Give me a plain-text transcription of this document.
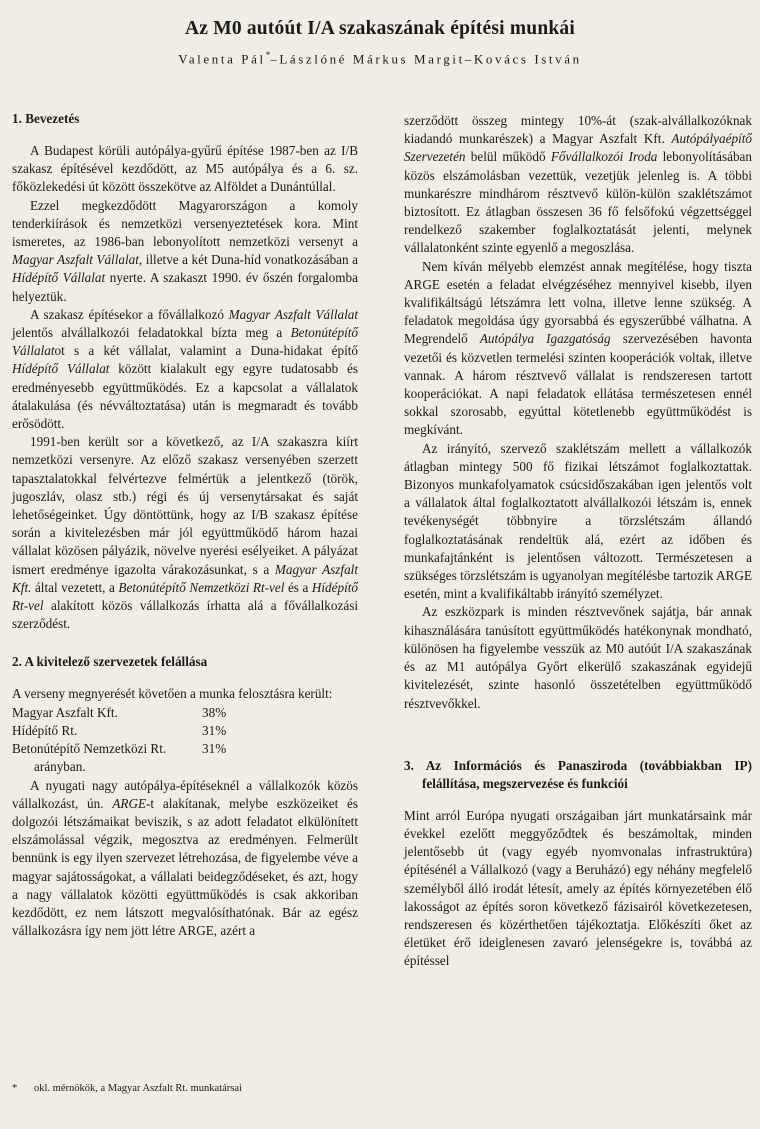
Az M0 autóút I/A szakaszának építési munkái
Valenta Pál*–Lászlóné Márkus Margit–Kovács István
1. Bevezetés

A Budapest körüli autópálya-gyűrű építése 1987-ben az I/B szakasz építésével kezdődött, az M5 autópálya és a 6. sz. főközlekedési út között összekötve az Alföldet a Dunántúllal.

Ezzel megkezdődött Magyarországon a komoly tenderkiírások és nemzetközi versenyeztetések kora. Mint ismeretes, az 1986-ban lebonyolított nemzetközi versenyt a Magyar Aszfalt Vállalat, illetve a két Duna-híd vonatkozásában a Hídépítő Vállalat nyerte. A szakaszt 1990. év őszén forgalomba helyeztük.

A szakasz építésekor a fővállalkozó Magyar Aszfalt Vállalat jelentős alvállalkozói feladatokkal bízta meg a Betonútépítő Vállalatot s a két vállalat, valamint a Duna-hidakat építő Hídépítő Vállalat között kialakult egy egyre tudatosabb és eredményesebb együttműködés. Ez a kapcsolat a vállalatok átalakulása (és névváltoztatása) után is megmaradt és tovább erősödött.

1991-ben került sor a következő, az I/A szakaszra kiírt nemzetközi versenyre. Az előző szakasz versenyében szerzett tapasztalatokkal felvértezve felmértük a jelentkező (török, jugoszláv, olasz stb.) régi és új versenytársakat és saját lehetőségeinket. Úgy döntöttünk, hogy az I/B szakasz építése során a kivitelezésben már jól együttműködő három hazai vállalat közösen pályázik, növelve nyerési esélyeiket. A pályázat ismert eredménye igazolta várakozásunkat, s a Magyar Aszfalt Kft. által vezetett, a Betonútépítő Nemzetközi Rt-vel és a Hídépítő Rt-vel alakított közös vállalkozás írhatta alá a fővállalkozási szerződést.

2. A kivitelező szervezetek felállása

A verseny megnyerését követően a munka felosztásra került:

Magyar Aszfalt Kft.	38%
Hídépítő Rt.	31%
Betonútépítő Nemzetközi Rt.	31%
arányban.

A nyugati nagy autópálya-építéseknél a vállalkozók közös vállalkozást, ún. ARGE-t alakítanak, melybe eszközeiket és dolgozói létszámaikat beviszik, s az adott feladatot elkülönített elszámolással végzik, megosztva az eredményen. Felmerült bennünk is egy ilyen szervezet létrehozása, de figyelembe véve a magyar sajátosságokat, a vállalati beidegződéseket, és azt, hogy a nagy vállalatok közötti együttműködés is csak akkoriban kezdődött, ez nem látszott megvalósíthatónak. Bár az egész vállalkozásra így nem jött létre ARGE, azért a

szerződött összeg mintegy 10%-át (szak-alvállalkozóknak kiadandó munkarészek) a Magyar Aszfalt Kft. Autópályaépítő Szervezetén belül működő Fővállalkozói Iroda lebonyolításában közös elszámolásban vezettük, vezetjük jelenleg is. A többi munkarészre mindhárom résztvevő külön-külön szaklétszámot biztosított. Ez átlagban összesen 36 fő felsőfokú végzettséggel rendelkező szakember foglalkoztatását jelenti, melynek vállalatonként szinte egyenlő a megoszlása.

Nem kíván mélyebb elemzést annak megítélése, hogy tiszta ARGE esetén a feladat elvégzéséhez mennyivel kisebb, ilyen kvalifikáltságú létszámra lett volna, illetve lenne szükség. A feladatok megoldása úgy gyorsabbá és egyszerűbbé válhatna. A Megrendelő Autópálya Igazgatóság szervezésében havonta vezetői és közvetlen termelési szinten kooperációk voltak, illetve vannak. A három résztvevő vállalat is rendszeresen tartott kooperációkat. A napi feladatok ellátása természetesen ennél sokkal szorosabb, egyúttal kötetlenebb együttműködést is megkívánt.

Az irányító, szervező szaklétszám mellett a vállalkozók átlagban mintegy 500 fő fizikai létszámot foglalkoztattak. Bizonyos munkafolyamatok csúcsidőszakában igen jelentős volt a vállalatok által foglalkoztatott alvállalkozói létszám is, ennek tevékenységét többnyire a törzslétszám állandó foglalkoztatásának rendeltük alá, ezért az időben és munkafajtánként is jelentősen változott. Természetesen a szükséges törzslétszám is ugyanolyan megítélésbe tartozik ARGE esetén, mint a kvalifikáltabb irányító személyzet.

Az eszközpark is minden résztvevőnek sajátja, bár annak kihasználására tanúsított együttműködés hatékonynak mondható, különösen ha figyelembe vesszük az M0 autóút I/A szakaszának és az M1 autópálya Győrt elkerülő szakaszának egyidejű kivitelezését, szinte hasonló összetételben együttműködő résztvevőkkel.

3. Az Információs és Panasziroda (továbbiakban IP) felállítása, megszervezése és funkciói

Mint arról Európa nyugati országaiban járt munkatársaink már évekkel ezelőtt meggyőződtek és beszámoltak, minden jelentősebb út (vagy egyéb nyomvonalas infrastruktúra) építésénél a Vállalkozó (vagy a Beruházó) egy néhány megfelelő személyből álló irodát létesít, amely az építés környezetében élő lakosságot az építés soron következő fázisairól következetesen, rendszeresen és közérthetően tájékoztatja. Előkészíti őket az életüket érő ideiglenesen zavaró jelenségekre is, továbbá az építéssel

* okl. mérnökök, a Magyar Aszfalt Rt. munkatársai
